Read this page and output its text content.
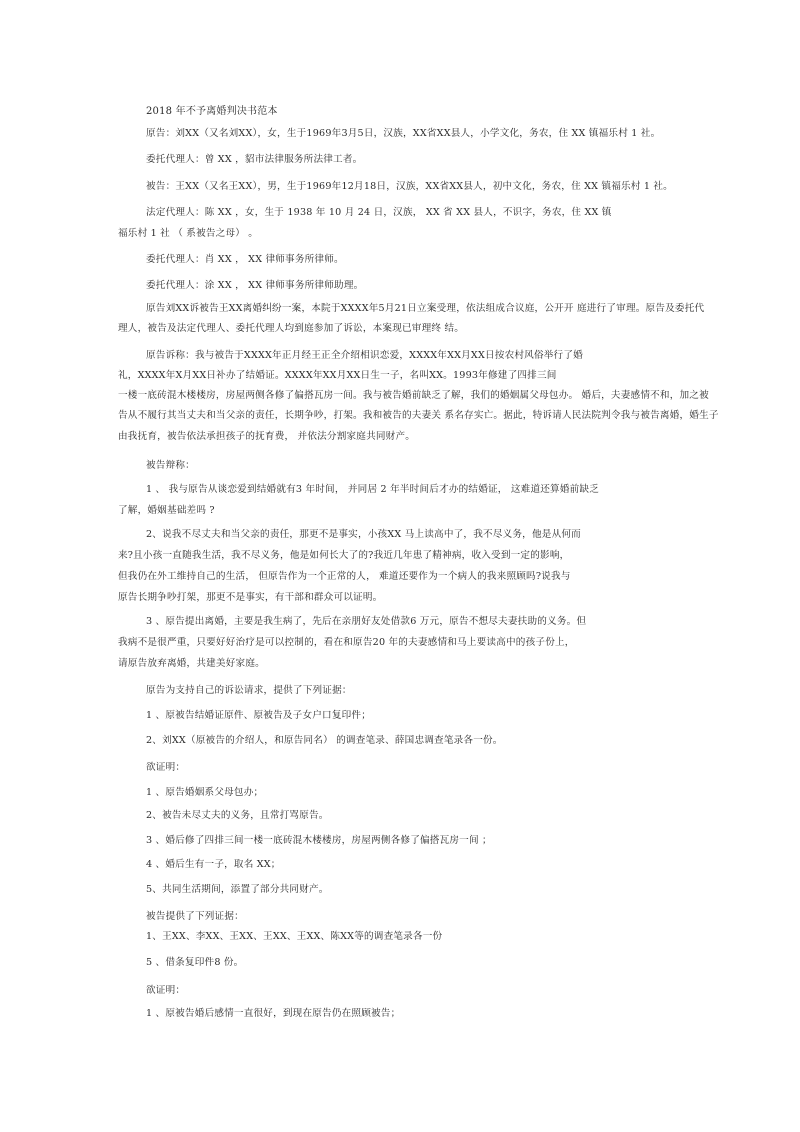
2018 年不予离婚判决书范本
原告：刘XX（又名刘XX），女，生于1969年3月5日，汉族，XX省XX县人，小学文化，务农，住 XX 镇福乐村 1 社。
委托代理人：曾 XX ，貂市法律服务所法律工者。
被告：王XX（又名王XX），男，生于1969年12月18日，汉族，XX省XX县人，初中文化，务农，住 XX 镇福乐村 1 社。
法定代理人：陈 XX ，女，生于 1938 年 10 月 24 日，汉族， XX 省 XX 县人，不识字，务农，住 XX 镇
福乐村 1 社 （ 系被告之母） 。
委托代理人：肖 XX ， XX 律师事务所律师。
委托代理人：涂 XX ， XX 律师事务所律师助理。
原告刘XX诉被告王XX离婚纠纷一案，本院于XXXX年5月21日立案受理，依法组成合议庭，公开开 庭进行了审理。原告及委托代
理人，被告及法定代理人、委托代理人均到庭参加了诉讼，本案现已审理终 结。
原告诉称：我与被告于XXXX年正月经王正全介绍相识恋爱，XXXX年XX月XX日按农村风俗举行了婚
礼，XXXX年X月XX日补办了结婚证。XXXX年XX月XX日生一子，名叫XX。1993年修建了四排三间
一楼一底砖混木楼楼房，房屋两侧各修了偏搭瓦房一间。我与被告婚前缺乏了解，我们的婚姻属父母包办。 婚后，夫妻感情不和，加之被
告从不履行其当丈夫和当父亲的责任，长期争吵，打架。我和被告的夫妻关 系名存实亡。据此，特诉请人民法院判令我与被告离婚，婚生子
由我抚育，被告依法承担孩子的抚育费， 并依法分割家庭共同财产。
被告辩称：
1 、 我与原告从谈恋爱到结婚就有3 年时间， 并同居 2 年半时间后才办的结婚证， 这难道还算婚前缺乏
了解，婚姻基础差吗 ?
2、说我不尽丈夫和当父亲的责任，那更不是事实，小孩XX 马上读高中了，我不尽义务，他是从何而
来?且小孩一直随我生活，我不尽义务，他是如何长大了的?我近几年患了精神病，收入受到一定的影响，
但我仍在外工维持自己的生活， 但原告作为一个正常的人， 难道还要作为一个病人的我来照顾吗?说我与
原告长期争吵打架，那更不是事实，有干部和群众可以证明。
3 、原告提出离婚，主要是我生病了，先后在亲朋好友处借款6 万元，原告不想尽夫妻扶助的义务。但
我病不是很严重，只要好好治疗是可以控制的，看在和原告20 年的夫妻感情和马上要读高中的孩子份上，
请原告放弃离婚，共建美好家庭。
原告为支持自己的诉讼请求，提供了下列证据：
1 、原被告结婚证原件、原被告及子女户口复印件；
2、刘XX（原被告的介绍人，和原告同名） 的调查笔录、薛国忠调查笔录各一份。
欲证明：
1 、原告婚姻系父母包办；
2、被告未尽丈夫的义务，且常打骂原告。
3 、婚后修了四排三间一楼一底砖混木楼楼房，房屋两侧各修了偏搭瓦房一间 ；
4 、婚后生有一子，取名 XX；
5、共同生活期间，添置了部分共同财产。
被告提供了下列证据：
1、王XX、李XX、王XX、王XX、王XX、陈XX等的调查笔录各一份
5 、借条复印件8 份。
欲证明：
1 、原被告婚后感情一直很好，到现在原告仍在照顾被告；
